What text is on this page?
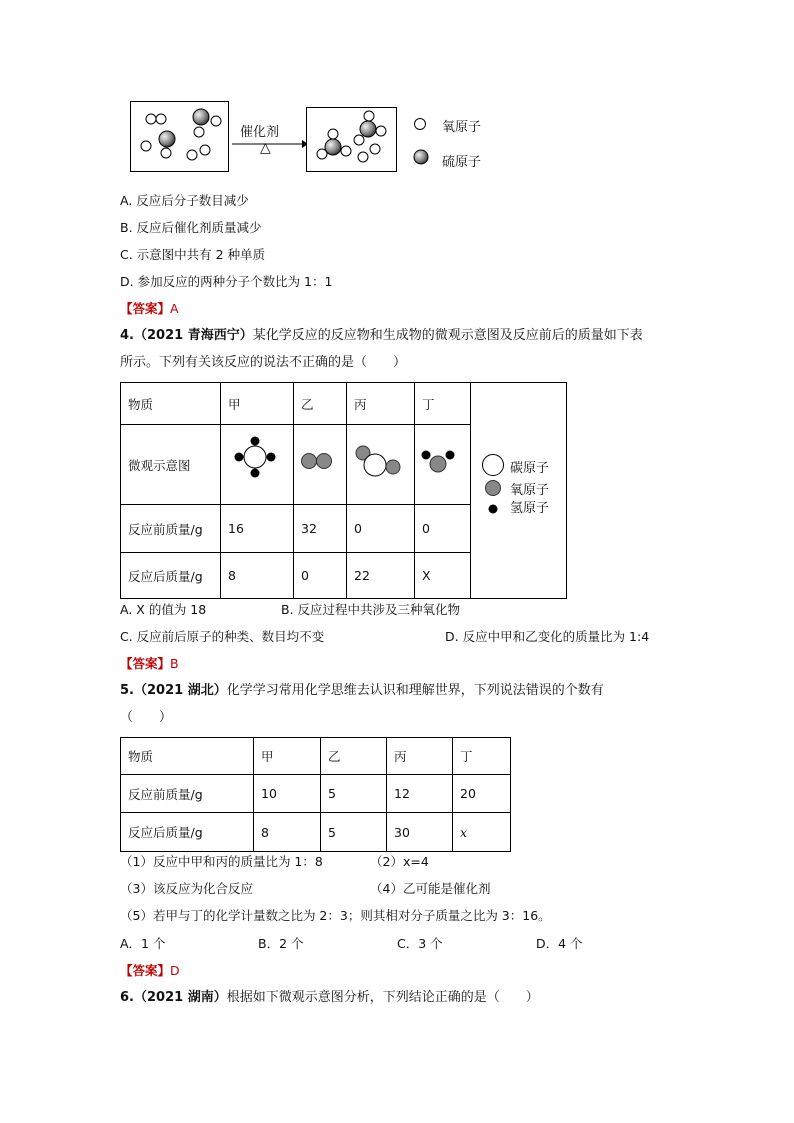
催化剂
△
氧原子
硫原子
A. 反应后分子数目减少
B. 反应后催化剂质量减少
C. 示意图中共有 2 种单质
D. 参加反应的两种分子个数比为 1：1
【答案】A
4.（2021 青海西宁）某化学反应的反应物和生成物的微观示意图及反应前后的质量如下表
所示。下列有关该反应的说法不正确的是（　　）
物质	甲	乙	丙	丁	
微观示意图	

反应前质量/g	16	32	0	0	
反应后质量/g	8	0	22	X	
碳原子
氧原子
氢原子
A. X 的值为 18	B. 反应过程中共涉及三种氧化物
C. 反应前后原子的种类、数目均不变	D. 反应中甲和乙变化的质量比为 1:4
【答案】B
5.（2021 湖北）化学学习常用化学思维去认识和理解世界，下列说法错误的个数有
（　　）
物质	甲	乙	丙	丁
反应前质量/g	10	5	12	20
反应后质量/g	8	5	30	x
（1）反应中甲和丙的质量比为 1：8	（2）x=4
（3）该反应为化合反应	（4）乙可能是催化剂
（5）若甲与丁的化学计量数之比为 2：3；则其相对分子质量之比为 3：16。
A．1 个	B．2 个	C．3 个	D．4 个
【答案】D
6.（2021 湖南）根据如下微观示意图分析，下列结论正确的是（　　）
